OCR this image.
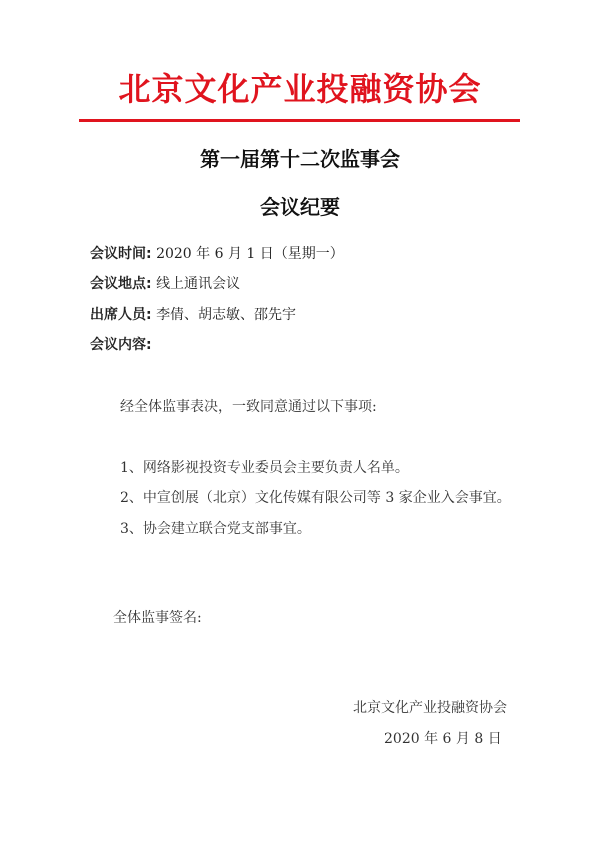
北京文化产业投融资协会
第一届第十二次监事会
会议纪要
会议时间: 2020 年 6 月 1 日（星期一）
会议地点: 线上通讯会议
出席人员: 李倩、胡志敏、邵先宇
会议内容:
经全体监事表决，一致同意通过以下事项:
1、网络影视投资专业委员会主要负责人名单。
2、中宣创展（北京）文化传媒有限公司等 3 家企业入会事宜。
3、协会建立联合党支部事宜。
全体监事签名:
北京文化产业投融资协会
2020 年 6 月 8 日
